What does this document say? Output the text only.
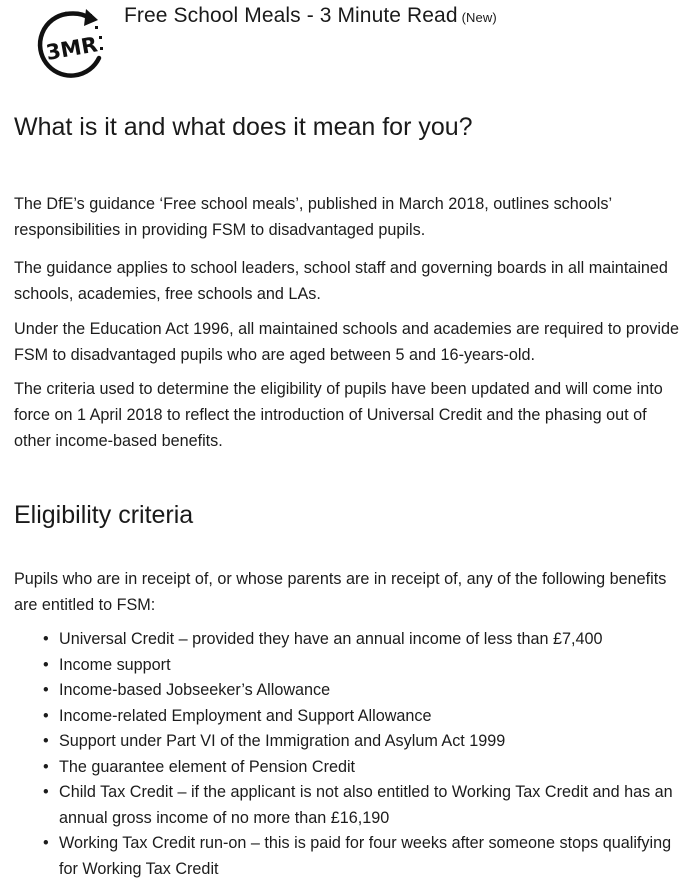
3MR
Free School Meals - 3 Minute Read (New)
What is it and what does it mean for you?

The DfE’s guidance ‘Free school meals’, published in March 2018, outlines schools’ responsibilities in providing FSM to disadvantaged pupils.

The guidance applies to school leaders, school staff and governing boards in all maintained schools, academies, free schools and LAs.

Under the Education Act 1996, all maintained schools and academies are required to provide FSM to disadvantaged pupils who are aged between 5 and 16-years-old.

The criteria used to determine the eligibility of pupils have been updated and will come into force on 1 April 2018 to reflect the introduction of Universal Credit and the phasing out of other income-based benefits.

Eligibility criteria

Pupils who are in receipt of, or whose parents are in receipt of, any of the following benefits are entitled to FSM:

• Universal Credit – provided they have an annual income of less than £7,400
• Income support
• Income-based Jobseeker’s Allowance
• Income-related Employment and Support Allowance
• Support under Part VI of the Immigration and Asylum Act 1999
• The guarantee element of Pension Credit
• Child Tax Credit – if the applicant is not also entitled to Working Tax Credit and has an annual gross income of no more than £16,190
• Working Tax Credit run-on – this is paid for four weeks after someone stops qualifying for Working Tax Credit
